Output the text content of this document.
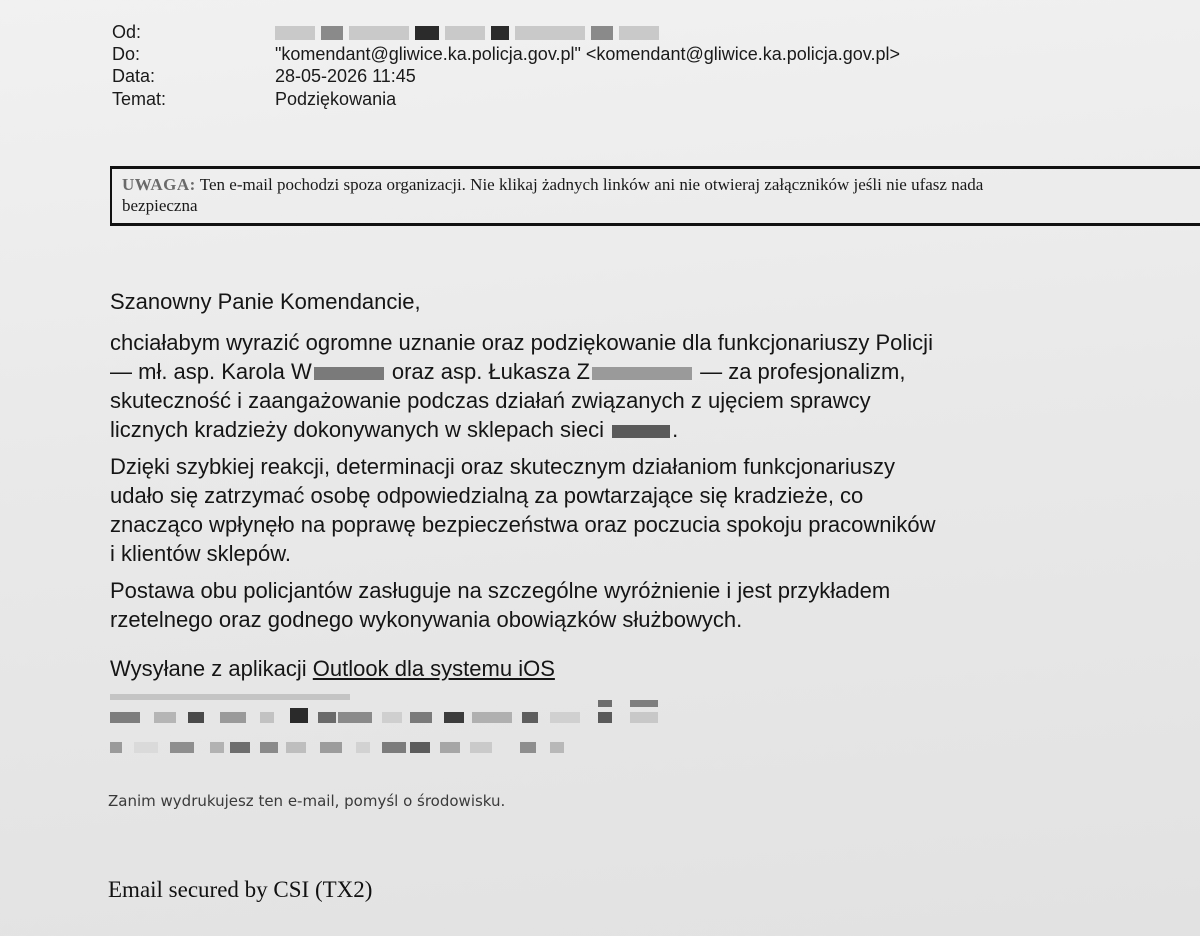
Od:
Do:	"komendant@gliwice.ka.policja.gov.pl" <komendant@gliwice.ka.policja.gov.pl>
Data:	28-05-2026 11:45
Temat:	Podziękowania
UWAGA: Ten e-mail pochodzi spoza organizacji. Nie klikaj żadnych linków ani nie otwieraj załączników jeśli nie ufasz nada
bezpieczna
Szanowny Panie Komendancie,
chciałabym wyrazić ogromne uznanie oraz podziękowanie dla funkcjonariuszy Policji
— mł. asp. Karola W	oraz asp. Łukasza Z	— za profesjonalizm,
skuteczność i zaangażowanie podczas działań związanych z ujęciem sprawcy
licznych kradzieży dokonywanych w sklepach sieci	.
Dzięki szybkiej reakcji, determinacji oraz skutecznym działaniom funkcjonariuszy
udało się zatrzymać osobę odpowiedzialną za powtarzające się kradzieże, co
znacząco wpłynęło na poprawę bezpieczeństwa oraz poczucia spokoju pracowników
i klientów sklepów.
Postawa obu policjantów zasługuje na szczególne wyróżnienie i jest przykładem
rzetelnego oraz godnego wykonywania obowiązków służbowych.
Wysyłane z aplikacji Outlook dla systemu iOS
Zanim wydrukujesz ten e-mail, pomyśl o środowisku.
Email secured by CSI (TX2)
